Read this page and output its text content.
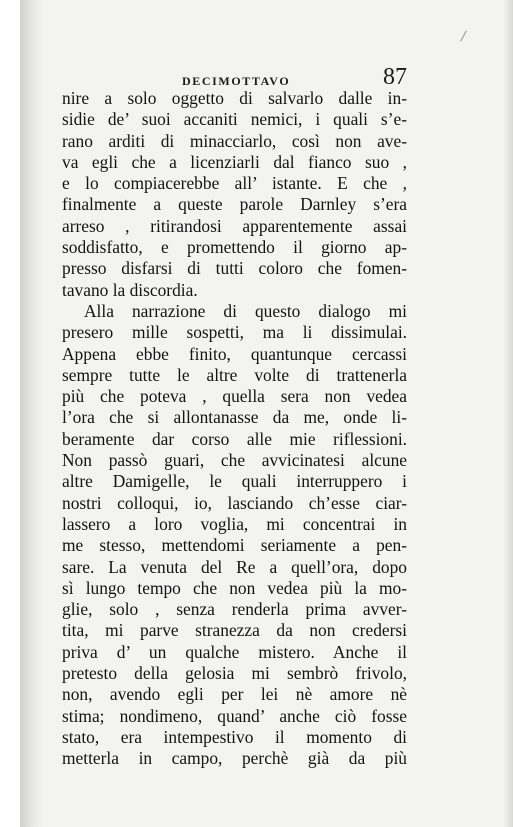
DECIMOTTAVO	87
nire a solo oggetto di salvarlo dalle in-
sidie de’ suoi accaniti nemici, i quali s’e-
rano arditi di minacciarlo, così non ave-
va egli che a licenziarli dal fianco suo ,
e lo compiacerebbe all’ istante. E che ,
finalmente a queste parole Darnley s’era
arreso , ritirandosi apparentemente assai
soddisfatto, e promettendo il giorno ap-
presso disfarsi di tutti coloro che fomen-
tavano la discordia.
Alla narrazione di questo dialogo mi
presero mille sospetti, ma li dissimulai.
Appena ebbe finito, quantunque cercassi
sempre tutte le altre volte di trattenerla
più che poteva , quella sera non vedea
l’ora che si allontanasse da me, onde li-
beramente dar corso alle mie riflessioni.
Non passò guari, che avvicinatesi alcune
altre Damigelle, le quali interruppero i
nostri colloqui, io, lasciando ch’esse ciar-
lassero a loro voglia, mi concentrai in
me stesso, mettendomi seriamente a pen-
sare. La venuta del Re a quell’ora, dopo
sì lungo tempo che non vedea più la mo-
glie, solo , senza renderla prima avver-
tita, mi parve stranezza da non credersi
priva d’ un qualche mistero. Anche il
pretesto della gelosia mi sembrò frivolo,
non, avendo egli per lei nè amore nè
stima; nondimeno, quand’ anche ciò fosse
stato, era intempestivo il momento di
metterla in campo, perchè già da più
